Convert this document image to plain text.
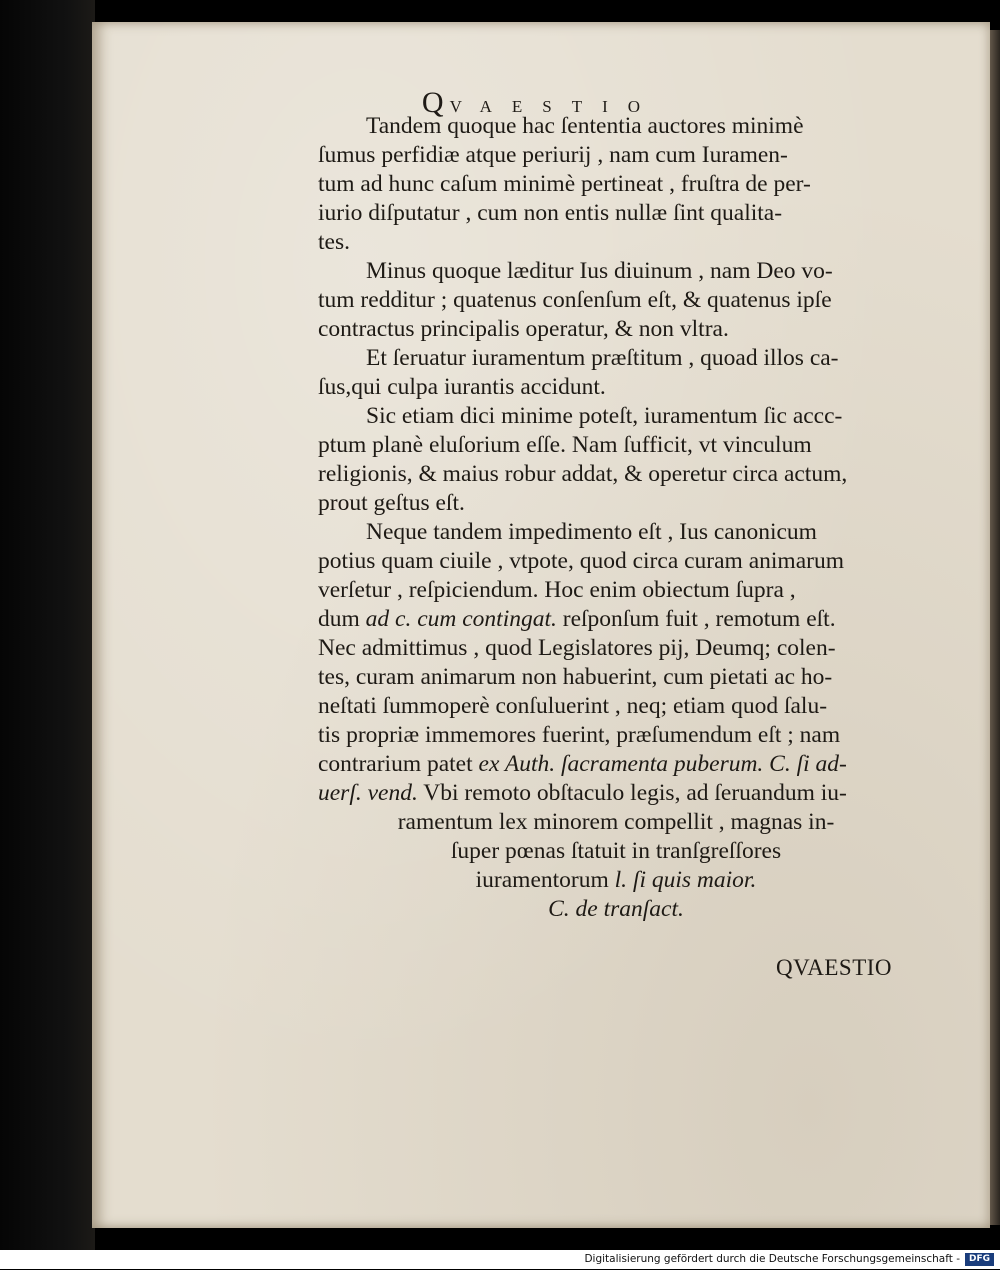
QVAESTIO
Tandem quoque hac ſententia auctores minimè
ſumus perfidiæ atque periurij , nam cum Iuramen-
tum ad hunc caſum minimè pertineat , fruſtra de per-
iurio diſputatur , cum non entis nullæ ſint qualita-
tes.
Minus quoque læditur Ius diuinum , nam Deo vo-
tum redditur ; quatenus conſenſum eſt, & quatenus ipſe
contractus principalis operatur, & non vltra.
Et ſeruatur iuramentum præſtitum , quoad illos ca-
ſus,qui culpa iurantis accidunt.
Sic etiam dici minime poteſt, iuramentum ſic accc-
ptum planè eluſorium eſſe. Nam ſufficit, vt vinculum
religionis, & maius robur addat, & operetur circa actum,
prout geſtus eſt.
Neque tandem impedimento eſt , Ius canonicum
potius quam ciuile , vtpote, quod circa curam animarum
verſetur , reſpiciendum. Hoc enim obiectum ſupra ,
dum ad c. cum contingat. reſponſum fuit , remotum eſt.
Nec admittimus , quod Legislatores pij, Deumq; colen-
tes, curam animarum non habuerint, cum pietati ac ho-
neſtati ſummoperè conſuluerint , neq; etiam quod ſalu-
tis propriæ immemores fuerint, præſumendum eſt ; nam
contrarium patet ex Auth. ſacramenta puberum. C. ſi ad-
uerſ. vend. Vbi remoto obſtaculo legis, ad ſeruandum iu-
ramentum lex minorem compellit , magnas in-
ſuper pœnas ſtatuit in tranſgreſſores
iuramentorum l. ſi quis maior.
C. de tranſact.
QVAESTIO
Digitalisierung gefördert durch die Deutsche Forschungsgemeinschaft - DFG
